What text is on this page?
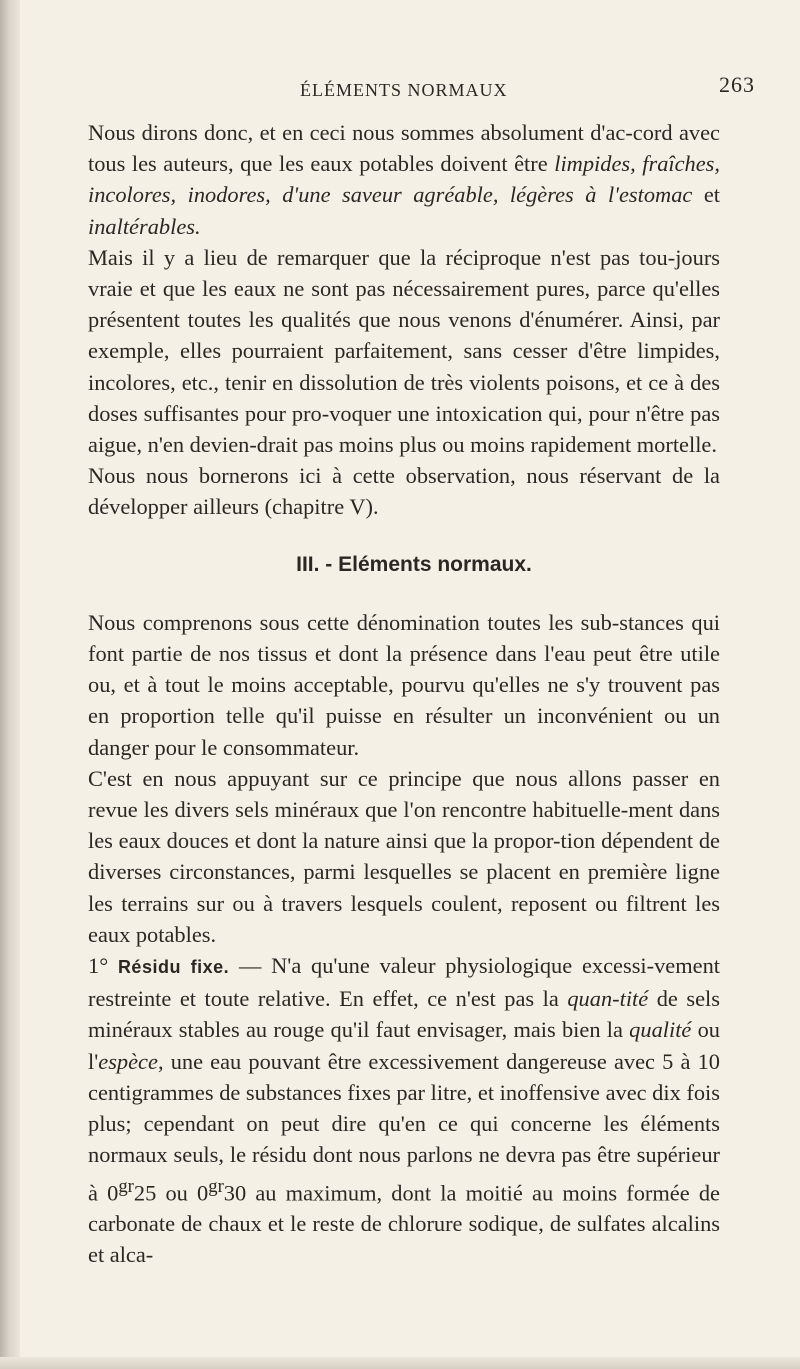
ÉLÉMENTS NORMAUX	263

Nous dirons donc, et en ceci nous sommes absolument d'ac-cord avec tous les auteurs, que les eaux potables doivent être limpides, fraîches, incolores, inodores, d'une saveur agréable, légères à l'estomac et inaltérables.

Mais il y a lieu de remarquer que la réciproque n'est pas tou-jours vraie et que les eaux ne sont pas nécessairement pures, parce qu'elles présentent toutes les qualités que nous venons d'énumérer. Ainsi, par exemple, elles pourraient parfaitement, sans cesser d'être limpides, incolores, etc., tenir en dissolution de très violents poisons, et ce à des doses suffisantes pour pro-voquer une intoxication qui, pour n'être pas aigue, n'en devien-drait pas moins plus ou moins rapidement mortelle.

Nous nous bornerons ici à cette observation, nous réservant de la développer ailleurs (chapitre V).

III. - Eléments normaux.

Nous comprenons sous cette dénomination toutes les sub-stances qui font partie de nos tissus et dont la présence dans l'eau peut être utile ou, et à tout le moins acceptable, pourvu qu'elles ne s'y trouvent pas en proportion telle qu'il puisse en résulter un inconvénient ou un danger pour le consommateur.

C'est en nous appuyant sur ce principe que nous allons passer en revue les divers sels minéraux que l'on rencontre habituelle-ment dans les eaux douces et dont la nature ainsi que la propor-tion dépendent de diverses circonstances, parmi lesquelles se placent en première ligne les terrains sur ou à travers lesquels coulent, reposent ou filtrent les eaux potables.

1° Résidu fixe. — N'a qu'une valeur physiologique excessi-vement restreinte et toute relative. En effet, ce n'est pas la quan-tité de sels minéraux stables au rouge qu'il faut envisager, mais bien la qualité ou l'espèce, une eau pouvant être excessivement dangereuse avec 5 à 10 centigrammes de substances fixes par litre, et inoffensive avec dix fois plus; cependant on peut dire qu'en ce qui concerne les éléments normaux seuls, le résidu dont nous parlons ne devra pas être supérieur à $0^{gr}25$ ou $0^{gr}30$ au maximum, dont la moitié au moins formée de carbonate de chaux et le reste de chlorure sodique, de sulfates alcalins et alca-
